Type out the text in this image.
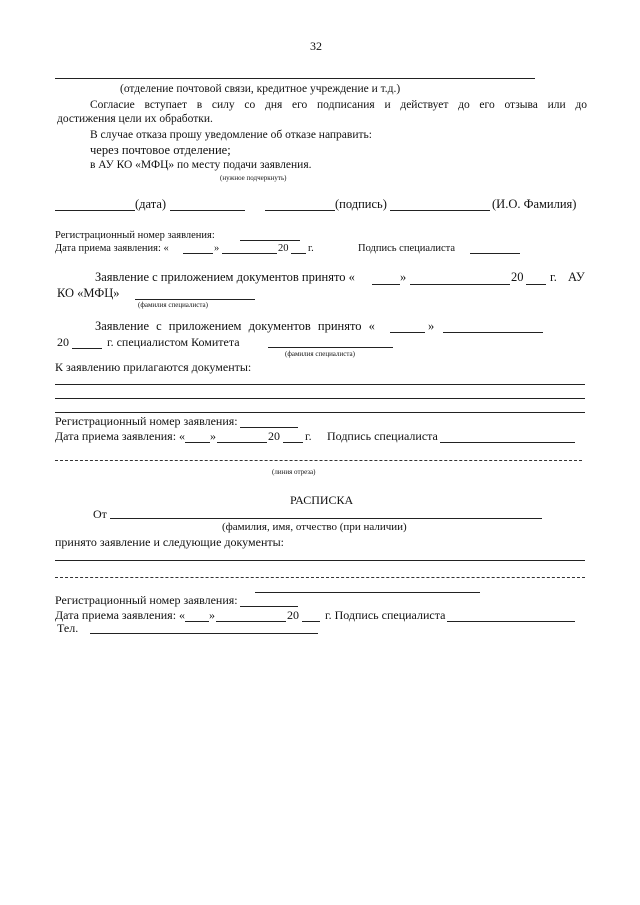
32
(отделение почтовой связи, кредитное учреждение и т.д.)
Согласие вступает в силу со дня его подписания и действует до его отзыва или до
достижения цели их обработки.
В случае отказа прошу уведомление об отказе направить:
через почтовое отделение;
в АУ КО «МФЦ» по месту подачи заявления.
(нужное подчеркнуть)
(дата)	(подпись)	(И.О. Фамилия)
Регистрационный номер заявления:
Дата приема заявления: «	»	20 г.	Подпись специалиста
Заявление с приложением документов принято «	»	20 г. АУ
КО «МФЦ»
(фамилия специалиста)
Заявление с приложением документов принято «	»
20	г. специалистом Комитета
(фамилия специалиста)
К заявлению прилагаются документы:
Регистрационный номер заявления:
Дата приема заявления: « »	20 г. Подпись специалиста
(линия отреза)
РАСПИСКА
От
(фамилия, имя, отчество (при наличии)
принято заявление и следующие документы:
Регистрационный номер заявления:
Дата приема заявления: « »	20 г. Подпись специалиста
Тел.
